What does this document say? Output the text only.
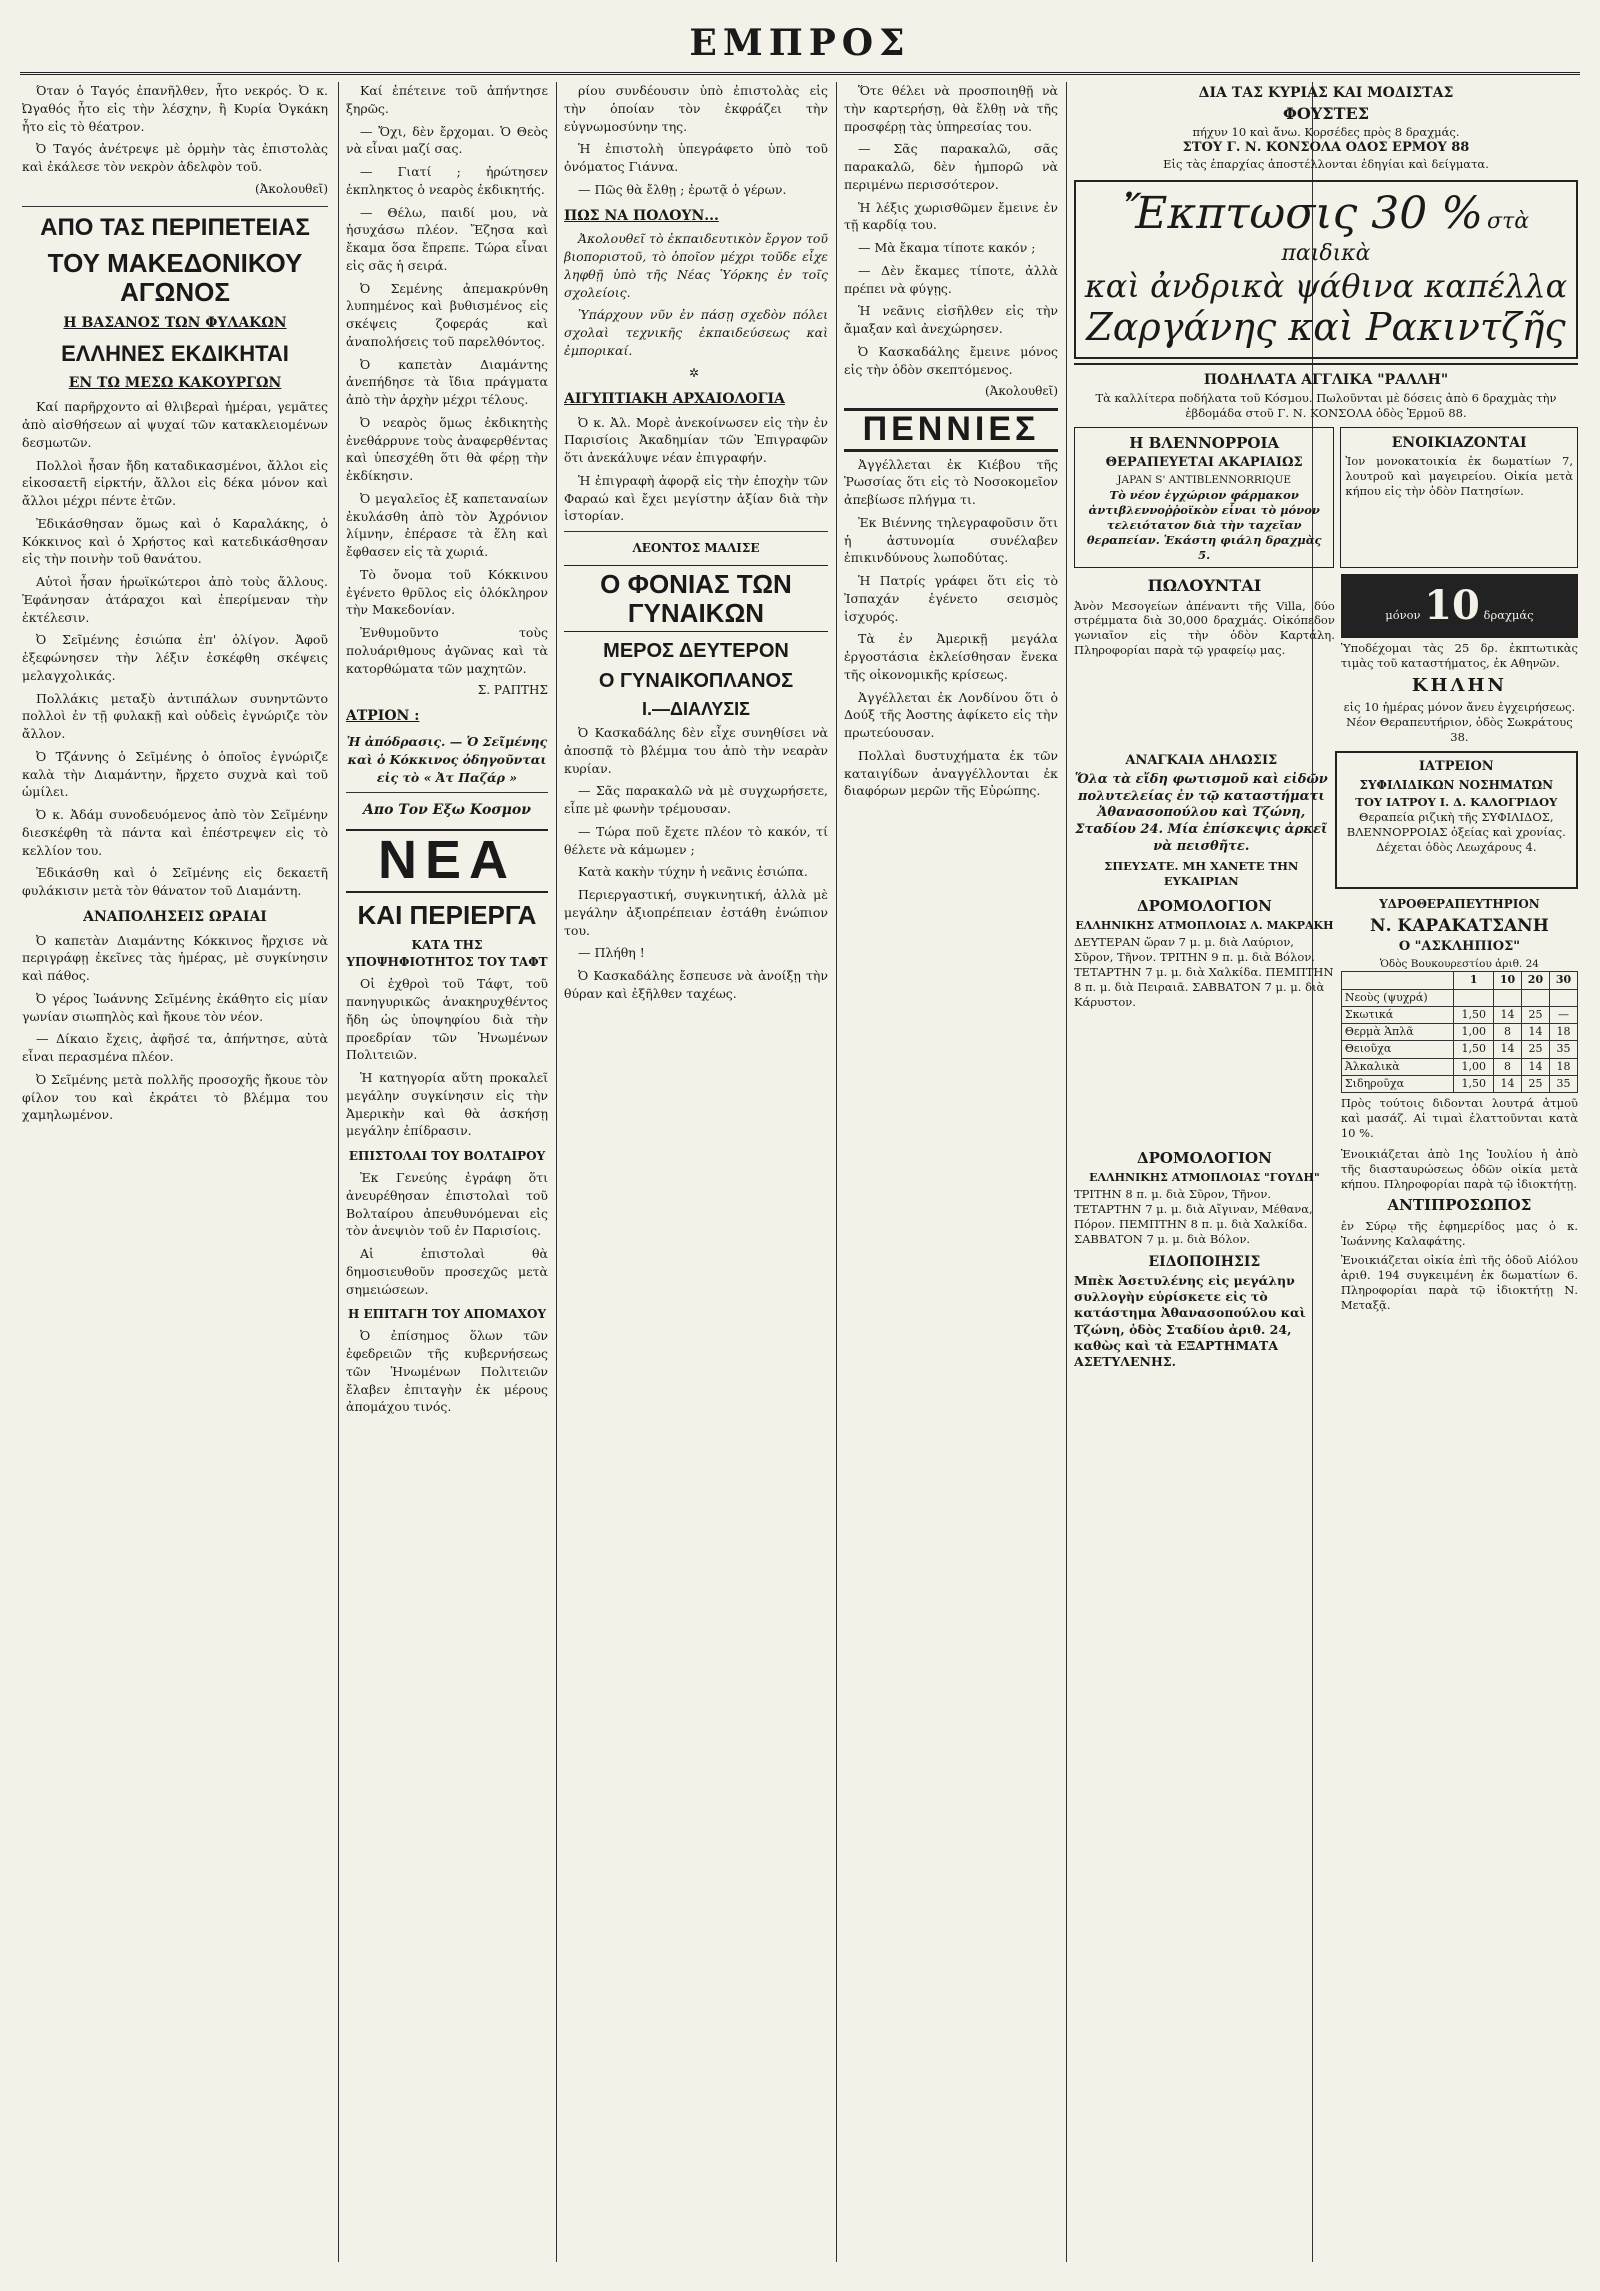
ΕΜΠΡΟΣ

Όταν ὁ Ταγός ἐπανῆλθεν, ἦτο νεκρός. Ὀ κ. Ὠγαθός ἦτο εἰς τὴν λέσχην, ἢ Κυρία Ὀγκάκη ἦτο εἰς τὸ θέατρον.

Ὀ Ταγός ἀνέτρεψε μὲ ὁρμὴν τὰς ἐπιστολὰς καὶ ἐκάλεσε τὸν νεκρὸν ἀδελφὸν τοῦ.

(Ἀκολουθεῖ)
ΑΠΟ ΤΑΣ ΠΕΡΙΠΕΤΕΙΑΣ
ΤΟΥ ΜΑΚΕΔΟΝΙΚΟΥ ΑΓΩΝΟΣ
Η ΒΑΣΑΝΟΣ ΤΩΝ ΦΥΛΑΚΩΝ
ΕΛΛΗΝΕΣ ΕΚΔΙΚΗΤΑΙ
ΕΝ ΤΩ ΜΕΣΩ ΚΑΚΟΥΡΓΩΝ

Καί παρῆρχοντο αἱ θλιβεραὶ ἡμέραι, γεμᾶτες ἀπὸ αἰσθήσεων αἱ ψυχαί τῶν κατακλειομένων δεσμωτῶν.

Πολλοὶ ἦσαν ἤδη καταδικασμένοι, ἄλλοι εἰς εἰκοσαετῆ εἱρκτήν, ἄλλοι εἰς δέκα μόνον καὶ ἄλλοι μέχρι πέντε ἐτῶν.

Ἐδικάσθησαν ὅμως καὶ ὁ Καραλάκης, ὁ Κόκκινος καὶ ὁ Χρήστος καὶ κατεδικάσθησαν εἰς τὴν ποινὴν τοῦ θανάτου.

Αὐτοὶ ἦσαν ἡρωϊκώτεροι ἀπὸ τοὺς ἄλλους. Ἐφάνησαν ἀτάραχοι καὶ ἐπερίμεναν τὴν ἐκτέλεσιν.

Ὀ Σεῖμένης ἐσιώπα ἐπ' ὀλίγον. Ἀφοῦ ἐξεφώνησεν τὴν λέξιν ἐσκέφθη σκέψεις μελαγχολικάς.

Πολλάκις μεταξὺ ἀντιπάλων συνηντῶντο πολλοὶ ἐν τῇ φυλακῇ καὶ οὐδεὶς ἐγνώριζε τὸν ἄλλον.

Ὀ Τζάννης ὁ Σεῖμένης ὁ ὁποῖος ἐγνώριζε καλὰ τὴν Διαμάντην, ἤρχετο συχνὰ καὶ τοῦ ὡμίλει.

Ὀ κ. Ἀδάμ συνοδευόμενος ἀπὸ τὸν Σεῖμένην διεσκέφθη τὰ πάντα καὶ ἐπέστρεψεν εἰς τὸ κελλίον του.

Ἐδικάσθη καὶ ὁ Σεῖμένης εἰς δεκαετῆ φυλάκισιν μετὰ τὸν θάνατον τοῦ Διαμάντη.

ΑΝΑΠΟΛΗΣΕΙΣ ΩΡΑΙΑΙ

Ὀ καπετὰν Διαμάντης Κόκκινος ἤρχισε νὰ περιγράφῃ ἐκεῖνες τὰς ἡμέρας, μὲ συγκίνησιν καὶ πάθος.

Ὀ γέρος Ἰωάννης Σεῖμένης ἐκάθητο εἰς μίαν γωνίαν σιωπηλὸς καὶ ἤκουε τὸν νέον.

— Δίκαιο ἔχεις, ἀφῆσέ τα, ἀπήντησε, αὐτὰ εἶναι περασμένα πλέον.

Ὀ Σεῖμένης μετὰ πολλῆς προσοχῆς ἤκουε τὸν φίλον του καὶ ἐκράτει τὸ βλέμμα του χαμηλωμένον.

Καί ἐπέτεινε τοῦ ἀπήντησε ξηρῶς.

— Ὄχι, δὲν ἔρχομαι. Ὁ Θεὸς νὰ εἶναι μαζί σας.

— Γιατί ; ἠρώτησεν ἐκπληκτος ὁ νεαρὸς ἐκδικητής.

— Θέλω, παιδί μου, νὰ ἡσυχάσω πλέον. Ἔζησα καὶ ἔκαμα ὅσα ἔπρεπε. Τώρα εἶναι εἰς σᾶς ἡ σειρά.

Ὀ Σεμένης ἀπεμακρύνθη λυπημένος καὶ βυθισμένος εἰς σκέψεις ζοφεράς καὶ ἀναπολήσεις τοῦ παρελθόντος.

Ὀ καπετὰν Διαμάντης ἀνεπήδησε τὰ ἴδια πράγματα ἀπὸ τὴν ἀρχὴν μέχρι τέλους.

Ὀ νεαρὸς ὅμως ἐκδικητὴς ἐνεθάρρυνε τοὺς ἀναφερθέντας καὶ ὑπεσχέθη ὅτι θὰ φέρῃ τὴν ἐκδίκησιν.

Ὀ μεγαλεῖος ἐξ καπεταναίων ἐκυλάσθη ἀπὸ τὸν Ἀχρόνιον λίμνην, ἐπέρασε τὰ ἕλη καὶ ἔφθασεν εἰς τὰ χωριά.

Τὸ ὄνομα τοῦ Κόκκινου ἐγένετο θρῦλος εἰς ὁλόκληρον τὴν Μακεδονίαν.

Ἐνθυμοῦντο τοὺς πολυάριθμους ἀγῶνας καὶ τὰ κατορθώματα τῶν μαχητῶν.

Σ. ΡΑΠΤΗΣ
ΑΤΡΙΟΝ :
Ἡ ἀπόδρασις. — Ὁ Σεῖμένης καὶ ὁ Κόκκινος ὁδηγοῦνται εἰς τὸ « Ἀτ Παζάρ »
Απο Τον Εξω Κοσμον
ΝΕΑ
ΚΑΙ ΠΕΡΙΕΡΓΑ
ΚΑΤΑ ΤΗΣ ΥΠΟΨΗΦΙΟΤΗΤΟΣ ΤΟΥ ΤΑΦΤ

Οἱ ἐχθροὶ τοῦ Τάφτ, τοῦ πανηγυρικῶς ἀνακηρυχθέντος ἤδη ὡς ὑποψηφίου διὰ τὴν προεδρίαν τῶν Ἡνωμένων Πολιτειῶν.

Ἡ κατηγορία αὕτη προκαλεῖ μεγάλην συγκίνησιν εἰς τὴν Ἀμερικὴν καὶ θὰ ἀσκήσῃ μεγάλην ἐπίδρασιν.

ΕΠΙΣΤΟΛΑΙ ΤΟΥ ΒΟΛΤΑΙΡΟΥ

Ἐκ Γενεύης ἐγράφη ὅτι ἀνευρέθησαν ἐπιστολαὶ τοῦ Βολταίρου ἀπευθυνόμεναι εἰς τὸν ἀνεψιὸν τοῦ ἐν Παρισίοις.

Αἱ ἐπιστολαὶ θὰ δημοσιευθοῦν προσεχῶς μετὰ σημειώσεων.

Η ΕΠΙΤΑΓΗ ΤΟΥ ΑΠΟΜΑΧΟΥ

Ὀ ἐπίσημος ὅλων τῶν ἐφεδρειῶν τῆς κυβερνήσεως τῶν Ἡνωμένων Πολιτειῶν ἔλαβεν ἐπιταγὴν ἐκ μέρους ἀπομάχου τινός.

ρίου συνδέουσιν ὑπὸ ἐπιστολὰς εἰς τὴν ὁποίαν τὸν ἐκφράζει τὴν εὐγνωμοσύνην της.

Ἡ ἐπιστολὴ ὑπεγράφετο ὑπὸ τοῦ ὀνόματος Γιάννα.

— Πῶς θὰ ἔλθῃ ; ἐρωτᾷ ὁ γέρων.

ΠΩΣ ΝΑ ΠΟΛΟΥΝ...

Ἀκολουθεῖ τὸ ἐκπαιδευτικὸν ἔργον τοῦ βιοποριστοῦ, τὸ ὁποῖον μέχρι τοῦδε εἶχε ληφθῇ ὑπὸ τῆς Νέας Ὑόρκης ἐν τοῖς σχολείοις.

Ὑπάρχουν νῦν ἐν πάσῃ σχεδὸν πόλει σχολαὶ τεχνικῆς ἐκπαιδεύσεως καὶ ἐμπορικαί.

✲
ΑΙΓΥΠΤΙΑΚΗ ΑΡΧΑΙΟΛΟΓΙΑ

Ὀ κ. Ἀλ. Μορὲ ἀνεκοίνωσεν εἰς τὴν ἐν Παρισίοις Ἀκαδημίαν τῶν Ἐπιγραφῶν ὅτι ἀνεκάλυψε νέαν ἐπιγραφήν.

Ἡ ἐπιγραφὴ ἀφορᾷ εἰς τὴν ἐποχὴν τῶν Φαραώ καὶ ἔχει μεγίστην ἀξίαν διὰ τὴν ἱστορίαν.

ΛΕΟΝΤΟΣ ΜΑΛΙΣΕ
Ο ΦΟΝΙΑΣ ΤΩΝ ΓΥΝΑΙΚΩΝ
ΜΕΡΟΣ ΔΕΥΤΕΡΟΝ
Ο ΓΥΝΑΙΚΟΠΛΑΝΟΣ
I.—ΔΙΑΛΥΣΙΣ

Ὀ Κασκαδάλης δὲν εἶχε συνηθίσει νὰ ἀποσπᾷ τὸ βλέμμα του ἀπὸ τὴν νεαρὰν κυρίαν.

— Σᾶς παρακαλῶ νὰ μὲ συγχωρήσετε, εἶπε μὲ φωνὴν τρέμουσαν.

— Τώρα ποῦ ἔχετε πλέον τὸ κακόν, τί θέλετε νὰ κάμωμεν ;

Κατὰ κακὴν τύχην ἡ νεᾶνις ἐσιώπα.

Περιεργαστική, συγκινητική, ἀλλὰ μὲ μεγάλην ἀξιοπρέπειαν ἐστάθη ἐνώπιον του.

— Πλήθη !

Ὀ Κασκαδάλης ἔσπευσε νὰ ἀνοίξῃ τὴν θύραν καὶ ἐξῆλθεν ταχέως.

Ὅτε θέλει νὰ προσποιηθῇ νὰ τὴν καρτερήσῃ, θὰ ἔλθῃ νὰ τῆς προσφέρῃ τὰς ὑπηρεσίας του.

— Σᾶς παρακαλῶ, σᾶς παρακαλῶ, δὲν ἠμπορῶ νὰ περιμένω περισσότερον.

Ἡ λέξις χωρισθῶμεν ἔμεινε ἐν τῇ καρδίᾳ του.

— Μὰ ἔκαμα τίποτε κακόν ;

— Δὲν ἔκαμες τίποτε, ἀλλὰ πρέπει νὰ φύγῃς.

Ἡ νεᾶνις εἰσῆλθεν εἰς τὴν ἄμαξαν καὶ ἀνεχώρησεν.

Ὀ Κασκαδάλης ἔμεινε μόνος εἰς τὴν ὁδὸν σκεπτόμενος.

(Ἀκολουθεῖ)
ΠΕΝΝΙΕΣ

Ἀγγέλλεται ἐκ Κιέβου τῆς Ῥωσσίας ὅτι εἰς τὸ Νοσοκομεῖον ἀπεβίωσε πλήγμα τι.

Ἐκ Βιέννης τηλεγραφοῦσιν ὅτι ἡ ἀστυνομία συνέλαβεν ἐπικινδύνους λωποδύτας.

Ἡ Πατρίς γράφει ὅτι εἰς τὸ Ἰσπαχάν ἐγένετο σεισμὸς ἰσχυρός.

Τὰ ἐν Ἀμερικῇ μεγάλα ἐργοστάσια ἐκλείσθησαν ἕνεκα τῆς οἰκονομικῆς κρίσεως.

Ἀγγέλλεται ἐκ Λονδίνου ὅτι ὁ Δούξ τῆς Ἀοστης ἀφίκετο εἰς τὴν πρωτεύουσαν.

Πολλαὶ δυστυχήματα ἐκ τῶν καταιγίδων ἀναγγέλλονται ἐκ διαφόρων μερῶν τῆς Εὐρώπης.

ΔΙΑ ΤΑΣ ΚΥΡΙΑΣ ΚΑΙ ΜΟΔΙΣΤΑΣ
ΦΟΥΣΤΕΣ
πήχυν 10 καὶ ἄνω. Κορσέδες πρὸς 8 δραχμάς.
ΣΤΟΥ Γ. Ν. ΚΟΝΣΟΛΑ ΟΔΟΣ ΕΡΜΟΥ 88
Εἰς τὰς ἐπαρχίας ἀποστέλλονται ἐδηγίαι καὶ δείγματα.
Ἔκπτωσις 30 % στὰ παιδικὰ
καὶ ἀνδρικὰ ψάθινα καπέλλα
Ζαργάνης καὶ Ρακιντζῆς
ΠΟΔΗΛΑΤΑ ΑΓΓΛΙΚΑ "ΡΑΛΛΗ"
Τὰ καλλίτερα ποδήλατα τοῦ Κόσμου. Πωλοῦνται μὲ δόσεις ἀπὸ 6 δραχμὰς τὴν ἑβδομάδα στοῦ Γ. Ν. ΚΟΝΣΟΛΑ ὁδὸς Ἑρμοῦ 88.
Η ΒΛΕΝΝΟΡΡΟΙΑ
ΘΕΡΑΠΕΥΕΤΑΙ ΑΚΑΡΙΑΙΩΣ
JAPAN S' ANTIBLENNORRIQUE
Τὸ νέον ἐγχώριον φάρμακον ἀντιβλεννοῤῥοϊκὸν εἶναι τὸ μόνον τελειότατον διὰ τὴν ταχεῖαν θεραπείαν. Ἑκάστη φιάλη δραχμὰς 5.
ΕΝΟΙΚΙΑΖΟΝΤΑΙ
Ἰον μονοκατοικία ἐκ δωματίων 7, λουτροῦ καὶ μαγειρείου. Οἰκία μετὰ κήπου εἰς τὴν ὁδὸν Πατησίων.
ΠΩΛΟΥΝΤΑΙ
Ἀνὸν Μεσογείων ἀπέναντι τῆς Villa, δύο στρέμματα διὰ 30,000 δραχμάς. Οἰκόπεδον γωνιαῖον εἰς τὴν ὁδὸν Καρτάλη. Πληροφορίαι παρὰ τῷ γραφείῳ μας.
μόνον 10 δραχμάς
Ὑποδέχομαι τὰς 25 δρ. ἐκπτωτικὰς τιμὰς τοῦ καταστήματος, ἐκ Αθηνῶν.
ΚΗΛΗΝ
εἰς 10 ἡμέρας μόνον ἄνευ ἐγχειρήσεως. Νέον Θεραπευτήριον, ὁδὸς Σωκράτους 38.
ΑΝΑΓΚΑΙΑ ΔΗΛΩΣΙΣ
Ὅλα τὰ εἴδη φωτισμοῦ καὶ εἰδῶν πολυτελείας ἐν τῷ καταστήματι Ἀθανασοπούλου καὶ Τζώνη, Σταδίου 24. Μία ἐπίσκεψις ἀρκεῖ νὰ πεισθῆτε.
ΣΠΕΥΣΑΤΕ. ΜΗ ΧΑΝΕΤΕ ΤΗΝ ΕΥΚΑΙΡΙΑΝ
ΙΑΤΡΕΙΟΝ
ΣΥΦΙΛΙΔΙΚΩΝ ΝΟΣΗΜΑΤΩΝ
ΤΟΥ ΙΑΤΡΟΥ Ι. Δ. ΚΑΛΟΓΡΙΔΟΥ
Θεραπεία ριζικὴ τῆς ΣΥΦΙΛΙΔΟΣ, ΒΛΕΝΝΟΡΡΟΙΑΣ ὀξείας καὶ χρονίας. Δέχεται ὁδὸς Λεωχάρους 4.
ΔΡΟΜΟΛΟΓΙΟΝ
ΕΛΛΗΝΙΚΗΣ ΑΤΜΟΠΛΟΙΑΣ Λ. ΜΑΚΡΑΚΗ
ΔΕΥΤΕΡΑΝ ὥραν 7 μ. μ. διὰ Λαύριον, Σῦρον, Τῆνον. ΤΡΙΤΗΝ 9 π. μ. διὰ Βόλον. ΤΕΤΑΡΤΗΝ 7 μ. μ. διὰ Χαλκίδα. ΠΕΜΠΤΗΝ 8 π. μ. διὰ Πειραιᾶ. ΣΑΒΒΑΤΟΝ 7 μ. μ. διὰ Κάρυστον.
ΥΔΡΟΘΕΡΑΠΕΥΤΗΡΙΟΝ
Ν. ΚΑΡΑΚΑΤΣΑΝΗ
Ο "ΑΣΚΛΗΠΙΟΣ"
Ὁδὸς Βουκουρεστίου ἀριθ. 24
	1	10	20	30
Νεοὺς (ψυχρά)				
Σκωτικά	1,50	14	25	—
Θερμὰ Ἁπλᾶ	1,00	8	14	18
Θειοῦχα	1,50	14	25	35
Ἀλκαλικὰ	1,00	8	14	18
Σιδηροῦχα	1,50	14	25	35
Πρὸς τούτοις διδονται λουτρά ἀτμοῦ καὶ μασάζ. Αἱ τιμαὶ ἐλαττοῦνται κατὰ 10 %.
ΔΡΟΜΟΛΟΓΙΟΝ
ΕΛΛΗΝΙΚΗΣ ΑΤΜΟΠΛΟΙΑΣ "ΓΟΥΔΗ"
ΤΡΙΤΗΝ 8 π. μ. διὰ Σῦρον, Τῆνον. ΤΕΤΑΡΤΗΝ 7 μ. μ. διὰ Αἴγιναν, Μέθανα, Πόρον. ΠΕΜΠΤΗΝ 8 π. μ. διὰ Χαλκίδα. ΣΑΒΒΑΤΟΝ 7 μ. μ. διὰ Βόλον.
ΕΙΔΟΠΟΙΗΣΙΣ
Μπὲκ Ἀσετυλένης εἰς μεγάλην συλλογὴν εὑρίσκετε εἰς τὸ κατάστημα Ἀθανασοπούλου καὶ Τζώνη, ὁδὸς Σταδίου ἀριθ. 24, καθὼς καὶ τὰ ΕΞΑΡΤΗΜΑΤΑ ΑΣΕΤΥΛΕΝΗΣ.
Ἐνοικιάζεται ἀπὸ 1ης Ἰουλίου ἡ ἀπὸ τῆς διασταυρώσεως ὁδῶν οἰκία μετὰ κήπου. Πληροφορίαι παρὰ τῷ ἰδιοκτήτῃ.
ΑΝΤΙΠΡΟΣΩΠΟΣ
ἐν Σύρῳ τῆς ἐφημερίδος μας ὁ κ. Ἰωάννης Καλαφάτης.
Ἐνοικιάζεται οἰκία ἐπὶ τῆς ὁδοῦ Αἰόλου ἀριθ. 194 συγκειμένη ἐκ δωματίων 6. Πληροφορίαι παρὰ τῷ ἰδιοκτήτῃ Ν. Μεταξᾷ.
